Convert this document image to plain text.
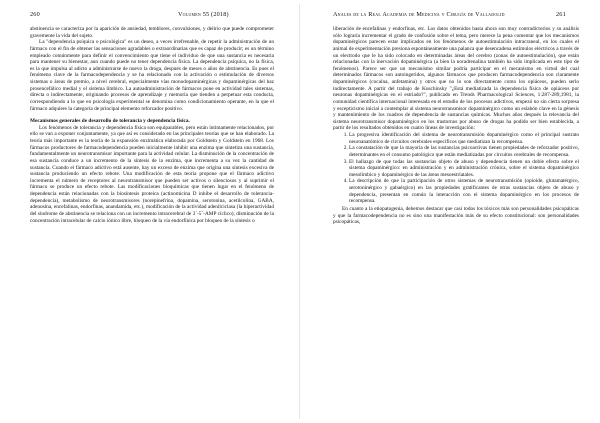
260	Volumen 55 (2018)

abstinencia se caracteriza por la aparición de ansiedad, temblores, convulsiones, y delirio que puede comprometer gravemente la vida del sujeto.

La "dependencia psíquica o psicológica" es un deseo, a veces irrefrenable, de repetir la administración de un fármaco con el fin de obtener las sensaciones agradables o extraordinarias que es capaz de producir; es un término empleado comúnmente para definir el convencimiento que tiene el individuo de que una sustancia es necesaria para mantener su bienestar, aun cuando puede no tener dependencia física. La dependencia psíquica, no la física, es la que impulsa al adicto a administrarse de nuevo la droga, después de meses o años de abstinencia. Es pues el fenómeno clave de la farmacodependencia y se ha relacionado con la activación o estimulación de diversos sistemas o áreas de premio, a nivel cerebral, especialmente vías monodopaminérgicas y dopaminérgicas del haz prosencefálico medial y el sistema límbico. La autoadministración de fármacos pone en actividad tales sistemas, directa o indirectamente, originando procesos de aprendizaje y memoria que tienden a perpetuar esta conducta, correspondiendo a lo que en psicología experimental se denomina como condicionamiento operante, en la que el fármaco adquiere la categoría de principal elemento reforzador positivo.

Mecanismos generales de desarrollo de tolerancia y dependencia física.

Los fenómenos de tolerancia y dependencia física son equiparables, pero están íntimamente relacionados, por ello se van a exponer conjuntamente, ya que así es considerado en las principales teorías que se han elaborado. La teoría más importante es la teoría de la expansión enzimática elaborada por Goldstein y Goldstein en 1968. Los fármacos productores de farmacodependencia pueden inicialmente inhibir una enzima que sintetiza una sustancia, fundamentalmente un neurotransmisor importante para la actividad celular. La disminución de la concentración de esa sustancia conduce a un incremento de la síntesis de la enzima, que incrementa a su vez la cantidad de sustancia. Cuando el fármaco adictivo está ausente, hay un exceso de enzima que origina una síntesis excesiva de sustancia produciendo un efecto rebote. Una modificación de esta teoría propone que el fármaco adictivo incrementa el número de receptores al neurotransmisor que pueden ser activos o silenciosos y al suprimir el fármaco se produce un efecto rebote. Las modificaciones bioquímicas que tienen lugar en el fenómeno de dependencia están relacionadas con la biosíntesis proteica (actinomicina D inhibe el desarrollo de tolerancia-dependencia), metabolismo de neurotransmisores (norepinefrina, dopamina, serotonina, acetilcolina, GABA, adenosina, encefalinas, endorfinas, anandamida, etc.), modificación de la actividad adenilciclasa (la hiperactividad del sindrome de abstinencia se relaciona con un incremento intracerebral de 3´-5´-AMP cíclico), disminución de la concentración intracelular de calcio iónico libre, bloqueo de la vía endorfínica por bloqueo de la síntesis o

Anales de la Real Academia de Medicina y Cirugía de Valladolid	261

liberación de encefalinas y endorfinas, etc. Los datos obtenidos hasta ahora son muy contradictorios y su análisis sólo lograría incrementar el grado de confusión sobre el tema, pero merece la pena comentar que los mecanismos dopaminérgicos parecen estar implicados en los fenómenos de autoestimulación intracraneal, en los cuales el animal de experimentación presiona espontáneamente una palanca que desencadena estímulos eléctricos a través de un electrodo que le ha sido colocado en determinadas áreas del cerebro (zonas de autoestimulación), que están relacionadas con la inervación dopaminérgica (a bien la noradrenalina también ha sido implicada en este tipo de fenómenos). Parece ser que un mecanismo similar podría participar en el mecanismo en virtud del cual determinados fármacos son autoingeridos, algunos fármacos que producen farmacodependencia son claramente dopaminérgicos (cocaína, anfetamina) y otros que no lo son directamente como los opiáceos, pueden serlo indirectamente. A partir del trabajo de Kuschinsky "¿Está mediatizada la dependencia física de opiáceos por neuronas dopaminérgicas en el estriado?", publicado en Trends Pharmacological Sciences, 1:287-289,1981, la comunidad científica internacional interesada en el estudio de los procesos adictivos, empezó no sin cierta sorpresa y escepticismo inicial a contemplar al sistema neurotransmisor dopaminérgico como un eslabón clave en la génesis y mantenimiento de los cuadros de dependencia de sustancias químicas. Muchos años después la relevancia del sistema neurotransmisor dopaminérgico en los trastornos por abuso de drogas ha podido ser bien establecida, a partir de los resultados obtenidos en cuatro líneas de investigación:

1. La progresiva identificación del sistema de neurotransmisión dopaminérgico como el principal sustrato neuroanatómico de circuitos cerebrales específicos que mediatizan la recompensa.
2. La constatación de que la mayoría de las sustancias psicoactivas tienen propiedades de reforzador positivo, determinantes en el consumo patológico que están mediatizadas por circuitos cerebrales de recompensa.
3. El hallazgo de que todas las sustancias objeto de abuso y dependencia tienen un doble efecto sobre el sistema dopaminérgico: en administración y en administración crónica, sobre el sistema dopaminérgico mesolímbico y dopaminérgico de las áreas mesoestriatales.
4. La descripción de que la participación de otros sistemas de neurotransmisión (opioide, glutamatérgico, serotoninérgico y gabaérgico) en las propiedades gratificantes de otras sustancias objeto de abuso y dependencia, presentan en común la interacción con el sistema dopaminérgico en los procesos de recompensa.

En cuanto a la etiopatogenia, debemos destacar que casi todos los tóxicos más son personalidades psicopáticas y que la farmacodependencia no es sino una manifestación más de su efecto constitucional: son personalidades psicopáticas,
